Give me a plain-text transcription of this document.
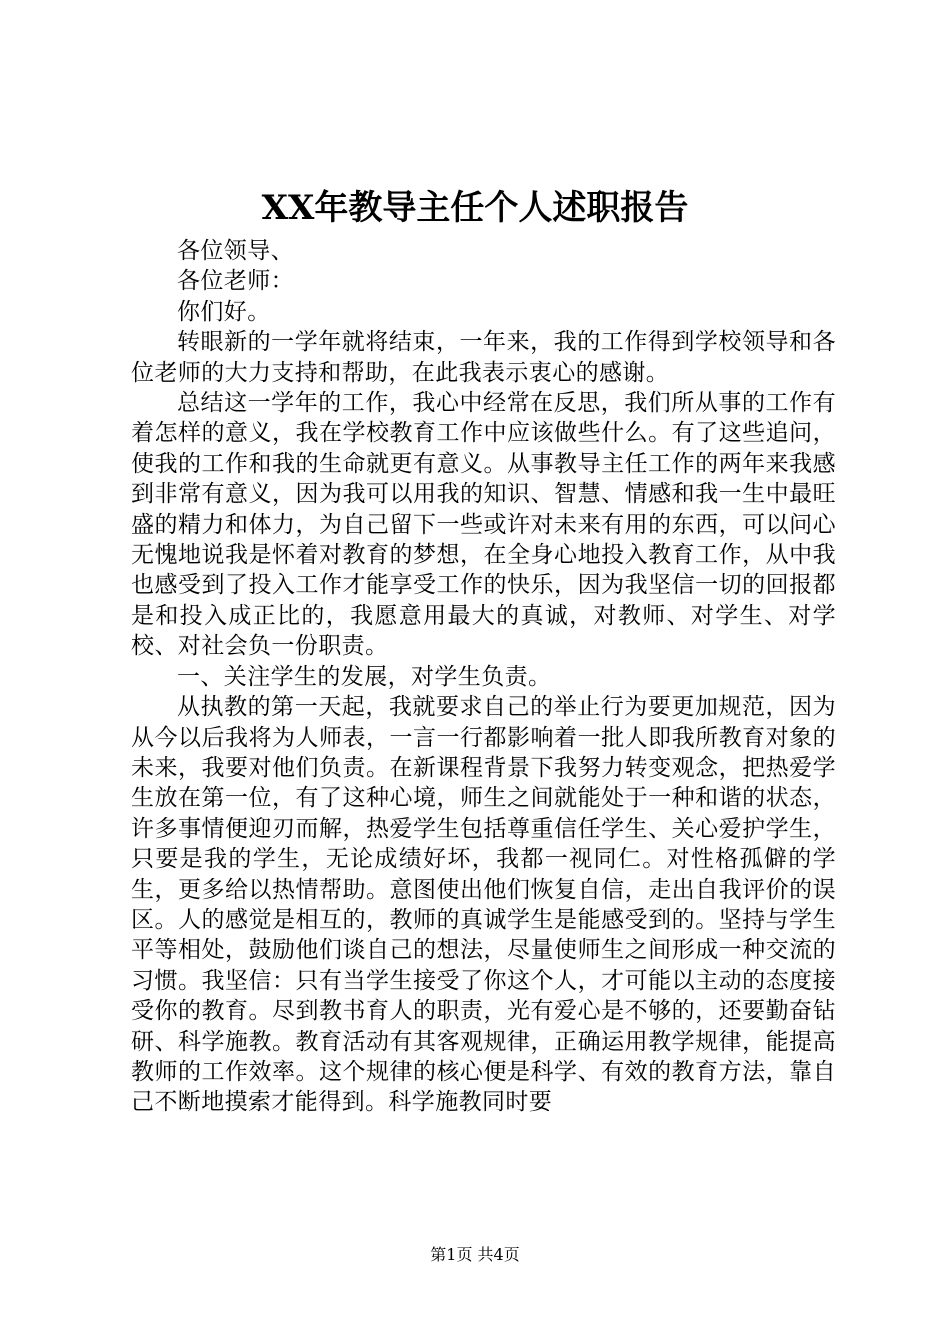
XX年教导主任个人述职报告

各位领导、

各位老师：

你们好。

转眼新的一学年就将结束，一年来，我的工作得到学校领导和各位老师的大力支持和帮助，在此我表示衷心的感谢。

总结这一学年的工作，我心中经常在反思，我们所从事的工作有着怎样的意义，我在学校教育工作中应该做些什么。有了这些追问，使我的工作和我的生命就更有意义。从事教导主任工作的两年来我感到非常有意义，因为我可以用我的知识、智慧、情感和我一生中最旺盛的精力和体力，为自己留下一些或许对未来有用的东西，可以问心无愧地说我是怀着对教育的梦想，在全身心地投入教育工作，从中我也感受到了投入工作才能享受工作的快乐，因为我坚信一切的回报都是和投入成正比的，我愿意用最大的真诚，对教师、对学生、对学校、对社会负一份职责。

一、关注学生的发展，对学生负责。

从执教的第一天起，我就要求自己的举止行为要更加规范，因为从今以后我将为人师表，一言一行都影响着一批人即我所教育对象的未来，我要对他们负责。在新课程背景下我努力转变观念，把热爱学生放在第一位，有了这种心境，师生之间就能处于一种和谐的状态，许多事情便迎刃而解，热爱学生包括尊重信任学生、关心爱护学生，只要是我的学生，无论成绩好坏，我都一视同仁。对性格孤僻的学生，更多给以热情帮助。意图使出他们恢复自信，走出自我评价的误区。人的感觉是相互的，教师的真诚学生是能感受到的。坚持与学生平等相处，鼓励他们谈自己的想法，尽量使师生之间形成一种交流的习惯。我坚信：只有当学生接受了你这个人，才可能以主动的态度接受你的教育。尽到教书育人的职责，光有爱心是不够的，还要勤奋钻研、科学施教。教育活动有其客观规律，正确运用教学规律，能提高教师的工作效率。这个规律的核心便是科学、有效的教育方法，靠自己不断地摸索才能得到。科学施教同时要

第1页 共4页
